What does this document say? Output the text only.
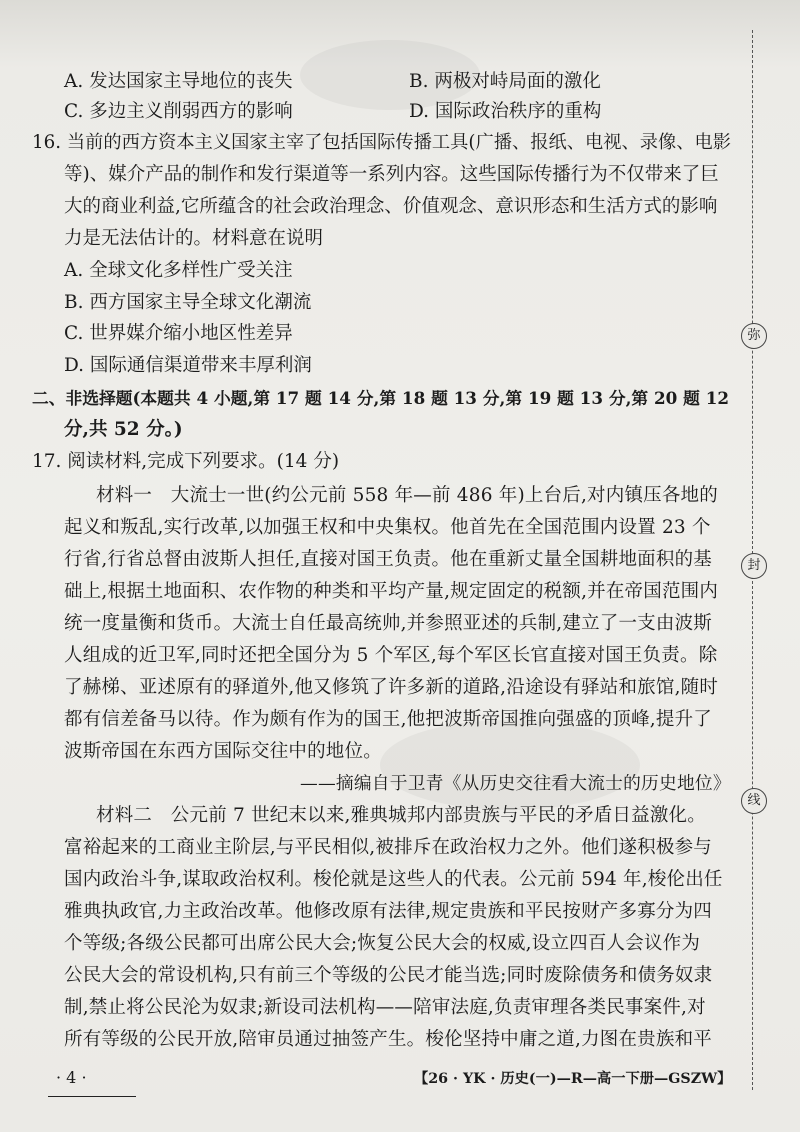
A. 发达国家主导地位的丧失	B. 两极对峙局面的激化
C. 多边主义削弱西方的影响	D. 国际政治秩序的重构
16. 当前的西方资本主义国家主宰了包括国际传播工具(广播、报纸、电视、录像、电影
等)、媒介产品的制作和发行渠道等一系列内容。这些国际传播行为不仅带来了巨
大的商业利益,它所蕴含的社会政治理念、价值观念、意识形态和生活方式的影响
力是无法估计的。材料意在说明
A. 全球文化多样性广受关注
B. 西方国家主导全球文化潮流
C. 世界媒介缩小地区性差异
D. 国际通信渠道带来丰厚利润
二、非选择题(本题共 4 小题,第 17 题 14 分,第 18 题 13 分,第 19 题 13 分,第 20 题 12
分,共 52 分。)
17. 阅读材料,完成下列要求。(14 分)
材料一　大流士一世(约公元前 558 年—前 486 年)上台后,对内镇压各地的
起义和叛乱,实行改革,以加强王权和中央集权。他首先在全国范围内设置 23 个
行省,行省总督由波斯人担任,直接对国王负责。他在重新丈量全国耕地面积的基
础上,根据土地面积、农作物的种类和平均产量,规定固定的税额,并在帝国范围内
统一度量衡和货币。大流士自任最高统帅,并参照亚述的兵制,建立了一支由波斯
人组成的近卫军,同时还把全国分为 5 个军区,每个军区长官直接对国王负责。除
了赫梯、亚述原有的驿道外,他又修筑了许多新的道路,沿途设有驿站和旅馆,随时
都有信差备马以待。作为颇有作为的国王,他把波斯帝国推向强盛的顶峰,提升了
波斯帝国在东西方国际交往中的地位。
——摘编自于卫青《从历史交往看大流士的历史地位》
材料二　公元前 7 世纪末以来,雅典城邦内部贵族与平民的矛盾日益激化。
富裕起来的工商业主阶层,与平民相似,被排斥在政治权力之外。他们遂积极参与
国内政治斗争,谋取政治权利。梭伦就是这些人的代表。公元前 594 年,梭伦出任
雅典执政官,力主政治改革。他修改原有法律,规定贵族和平民按财产多寡分为四
个等级;各级公民都可出席公民大会;恢复公民大会的权威,设立四百人会议作为
公民大会的常设机构,只有前三个等级的公民才能当选;同时废除债务和债务奴隶
制,禁止将公民沦为奴隶;新设司法机构——陪审法庭,负责审理各类民事案件,对
所有等级的公民开放,陪审员通过抽签产生。梭伦坚持中庸之道,力图在贵族和平
弥
封
线
· 4 ·	【26 · YK · 历史(一)—R—高一下册—GSZW】
